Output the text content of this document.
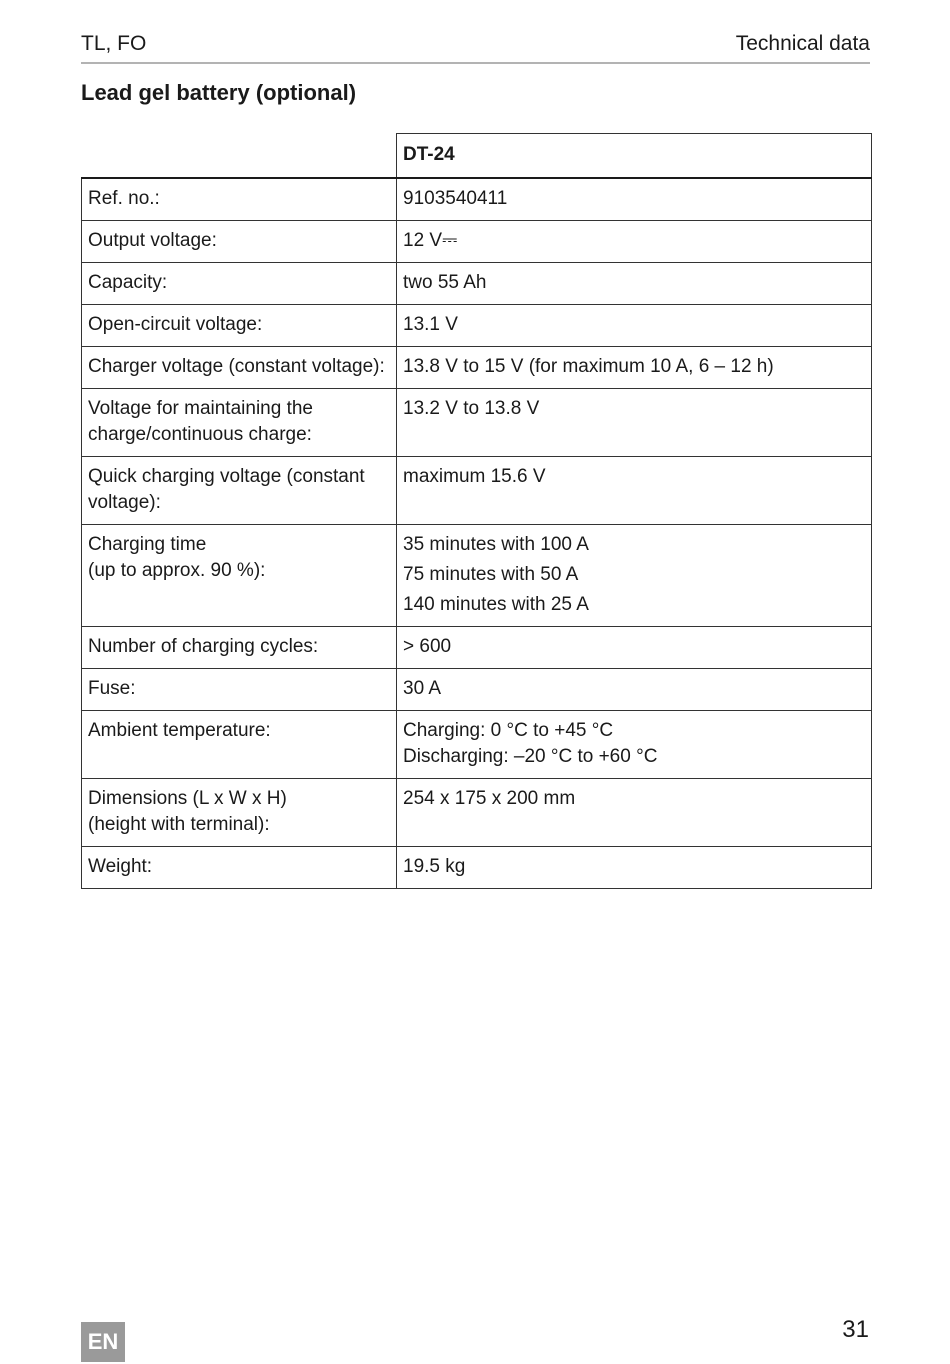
TL, FO	Technical data
Lead gel battery (optional)
	DT-24

Ref. no.:	9103540411

Output voltage:	12 V⎓

Capacity:	two 55 Ah

Open-circuit voltage:	13.1 V

Charger voltage (constant voltage):	13.8 V to 15 V (for maximum 10 A, 6 – 12 h)

Voltage for maintaining the
charge/continuous charge:	13.2 V to 13.8 V

Quick charging voltage (constant
voltage):	maximum 15.6 V

Charging time
(up to approx. 90 %):	35 minutes with 100 A
75 minutes with 50 A
140 minutes with 25 A

Number of charging cycles:	> 600

Fuse:	30 A

Ambient temperature:	Charging: 0 °C to +45 °C
Discharging: –20 °C to +60 °C

Dimensions (L x W x H)
(height with terminal):	254 x 175 x 200 mm

Weight:	19.5 kg
EN	31
